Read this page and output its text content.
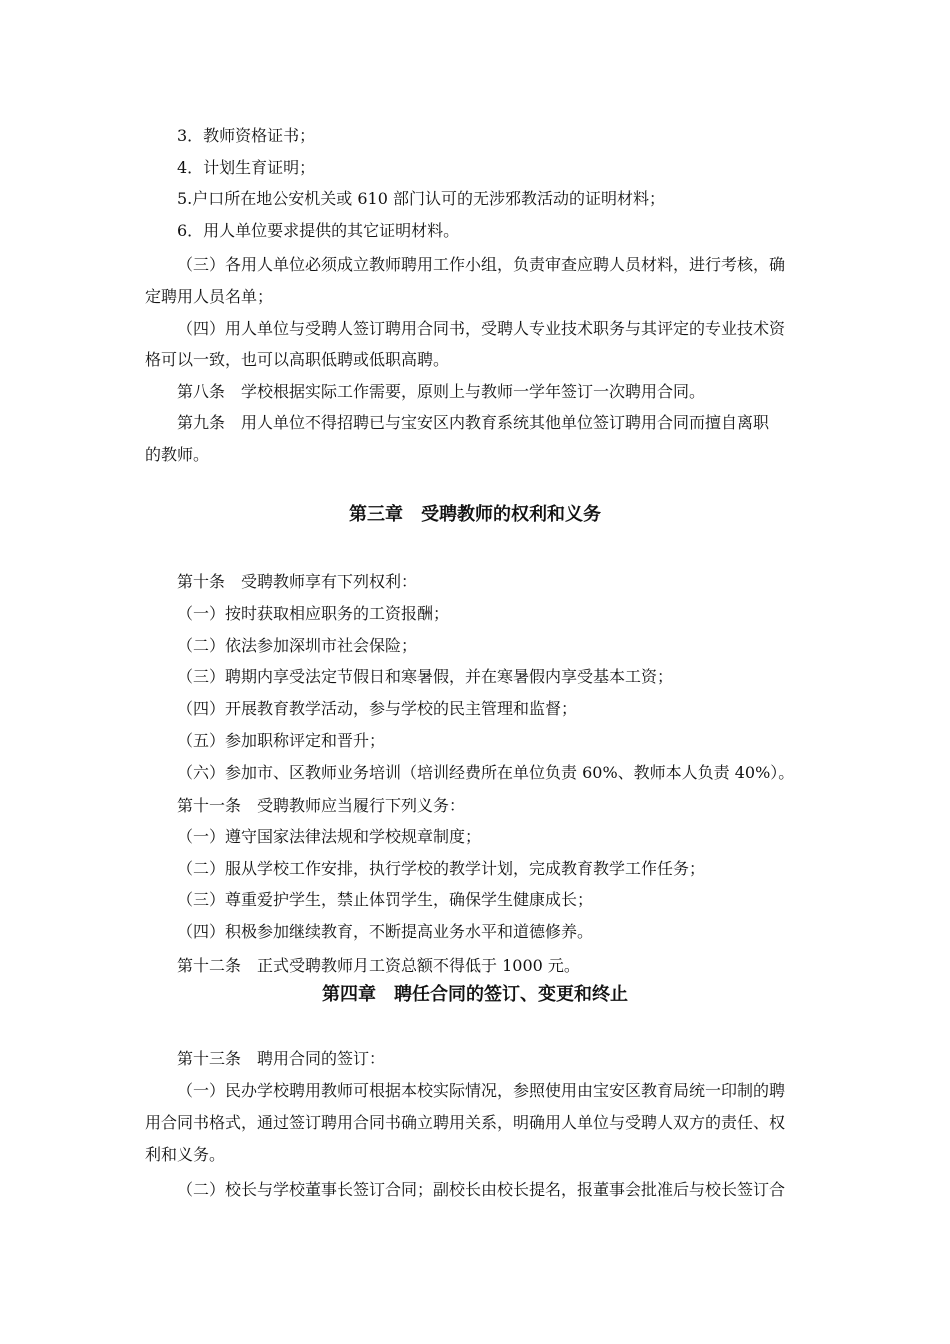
3．教师资格证书；
4．计划生育证明；
5.户口所在地公安机关或 610 部门认可的无涉邪教活动的证明材料；
6．用人单位要求提供的其它证明材料。
（三）各用人单位必须成立教师聘用工作小组，负责审查应聘人员材料，进行考核，确
定聘用人员名单；
（四）用人单位与受聘人签订聘用合同书，受聘人专业技术职务与其评定的专业技术资
格可以一致，也可以高职低聘或低职高聘。
第八条　学校根据实际工作需要，原则上与教师一学年签订一次聘用合同。
第九条　用人单位不得招聘已与宝安区内教育系统其他单位签订聘用合同而擅自离职
的教师。
第三章　受聘教师的权利和义务
第十条　受聘教师享有下列权利：
（一）按时获取相应职务的工资报酬；
（二）依法参加深圳市社会保险；
（三）聘期内享受法定节假日和寒暑假，并在寒暑假内享受基本工资；
（四）开展教育教学活动，参与学校的民主管理和监督；
（五）参加职称评定和晋升；
（六）参加市、区教师业务培训（培训经费所在单位负责 60%、教师本人负责 40%）。
第十一条　受聘教师应当履行下列义务：
（一）遵守国家法律法规和学校规章制度；
（二）服从学校工作安排，执行学校的教学计划，完成教育教学工作任务；
（三）尊重爱护学生，禁止体罚学生，确保学生健康成长；
（四）积极参加继续教育，不断提高业务水平和道德修养。
第十二条　正式受聘教师月工资总额不得低于 1000 元。
第四章　聘任合同的签订、变更和终止
第十三条　聘用合同的签订：
（一）民办学校聘用教师可根据本校实际情况，参照使用由宝安区教育局统一印制的聘
用合同书格式，通过签订聘用合同书确立聘用关系，明确用人单位与受聘人双方的责任、权
利和义务。
（二）校长与学校董事长签订合同；副校长由校长提名，报董事会批准后与校长签订合
